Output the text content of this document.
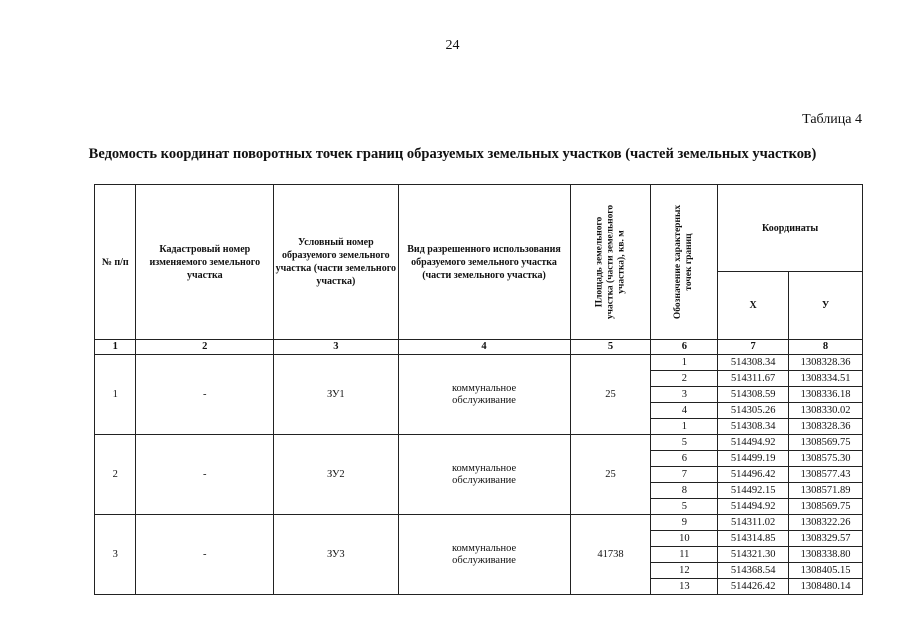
24
Таблица 4
Ведомость координат поворотных точек границ образуемых земельных участков (частей земельных участков)
№ п/п	Кадастровый номер изменяемого земельного участка	Условный номер образуемого земельного участка (части земельного участка)	Вид разрешенного использования образуемого земельного участка (части земельного участка)	Площадь земельного
участка (части земельного
участка), кв. м	Обозначение характерных
точек границ	Координаты	
						Х	У
1	2	3	4	5	6	7	8
1	-	ЗУ1	коммунальное обслуживание	25	1	514308.34	1308328.36
					2	514311.67	1308334.51
					3	514308.59	1308336.18
					4	514305.26	1308330.02
					1	514308.34	1308328.36
2	-	ЗУ2	коммунальное обслуживание	25	5	514494.92	1308569.75
					6	514499.19	1308575.30
					7	514496.42	1308577.43
					8	514492.15	1308571.89
					5	514494.92	1308569.75
3	-	ЗУ3	коммунальное обслуживание	41738	9	514311.02	1308322.26
					10	514314.85	1308329.57
					11	514321.30	1308338.80
					12	514368.54	1308405.15
					13	514426.42	1308480.14
